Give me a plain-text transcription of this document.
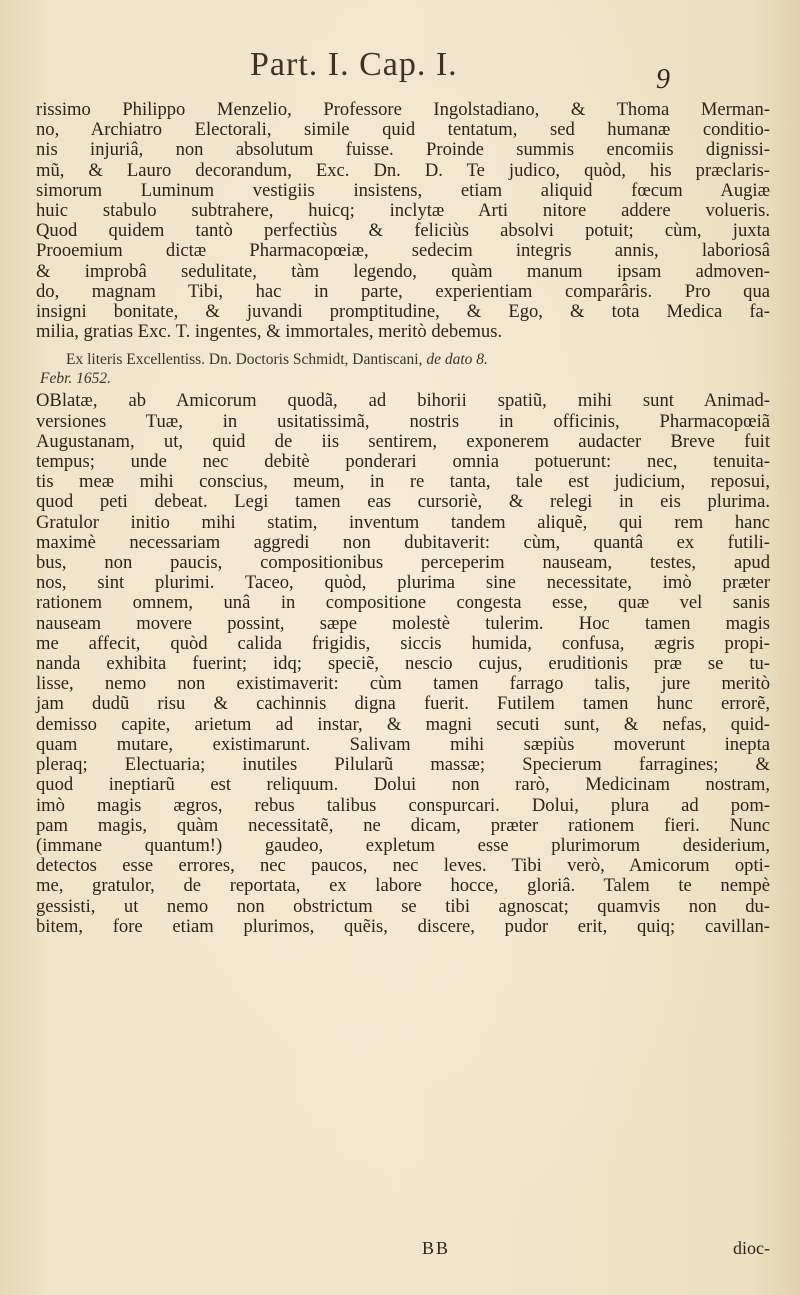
Part. I. Cap. I.	9
rissimo Philippo Menzelio, Professore Ingolstadiano, & Thoma Merman-
no, Archiatro Electorali, simile quid tentatum, sed humanæ conditio-
nis injuriâ, non absolutum fuisse. Proinde summis encomiis dignissi-
mũ, & Lauro decorandum, Exc. Dn. D. Te judico, quòd, his præclaris-
simorum Luminum vestigiis insistens, etiam aliquid fœcum Augiæ
huic stabulo subtrahere, huicq; inclytæ Arti nitore addere volueris.
Quod quidem tantò perfectiùs & feliciùs absolvi potuit; cùm, juxta
Prooemium dictæ Pharmacopœiæ, sedecim integris annis, laboriosâ
& improbâ sedulitate, tàm legendo, quàm manum ipsam admoven-
do, magnam Tibi, hac in parte, experientiam comparâris. Pro qua
insigni bonitate, & juvandi promptitudine, & Ego, & tota Medica fa-
milia, gratias Exc. T. ingentes, & immortales, meritò debemus.
Ex literis Excellentiss. Dn. Doctoris Schmidt, Dantiscani, de dato 8.
Febr. 1652.
OBlatæ, ab Amicorum quodã, ad bihorii spatiũ, mihi sunt Animad-
versiones Tuæ, in usitatissimã, nostris in officinis, Pharmacopœiã
Augustanam, ut, quid de iis sentirem, exponerem audacter Breve fuit
tempus; unde nec debitè ponderari omnia potuerunt: nec, tenuita-
tis meæ mihi conscius, meum, in re tanta, tale est judicium, reposui,
quod peti debeat. Legi tamen eas cursoriè, & relegi in eis plurima.
Gratulor initio mihi statim, inventum tandem aliquẽ, qui rem hanc
maximè necessariam aggredi non dubitaverit: cùm, quantâ ex futili-
bus, non paucis, compositionibus perceperim nauseam, testes, apud
nos, sint plurimi. Taceo, quòd, plurima sine necessitate, imò præter
rationem omnem, unâ in compositione congesta esse, quæ vel sanis
nauseam movere possint, sæpe molestè tulerim. Hoc tamen magis
me affecit, quòd calida frigidis, siccis humida, confusa, ægris propi-
nanda exhibita fuerint; idq; speciẽ, nescio cujus, eruditionis præ se tu-
lisse, nemo non existimaverit: cùm tamen farrago talis, jure meritò
jam dudũ risu & cachinnis digna fuerit. Futilem tamen hunc errorẽ,
demisso capite, arietum ad instar, & magni secuti sunt, & nefas, quid-
quam mutare, existimarunt. Salivam mihi sæpiùs moverunt inepta
pleraq; Electuaria; inutiles Pilularũ massæ; Specierum farragines; &
quod ineptiarũ est reliquum. Dolui non rarò, Medicinam nostram,
imò magis ægros, rebus talibus conspurcari. Dolui, plura ad pom-
pam magis, quàm necessitatẽ, ne dicam, præter rationem fieri. Nunc
(immane quantum!) gaudeo, expletum esse plurimorum desiderium,
detectos esse errores, nec paucos, nec leves. Tibi verò, Amicorum opti-
me, gratulor, de reportata, ex labore hocce, gloriâ. Talem te nempè
gessisti, ut nemo non obstrictum se tibi agnoscat; quamvis non du-
bitem, fore etiam plurimos, quẽis, discere, pudor erit, quiq; cavillan-
BB	dioc-
